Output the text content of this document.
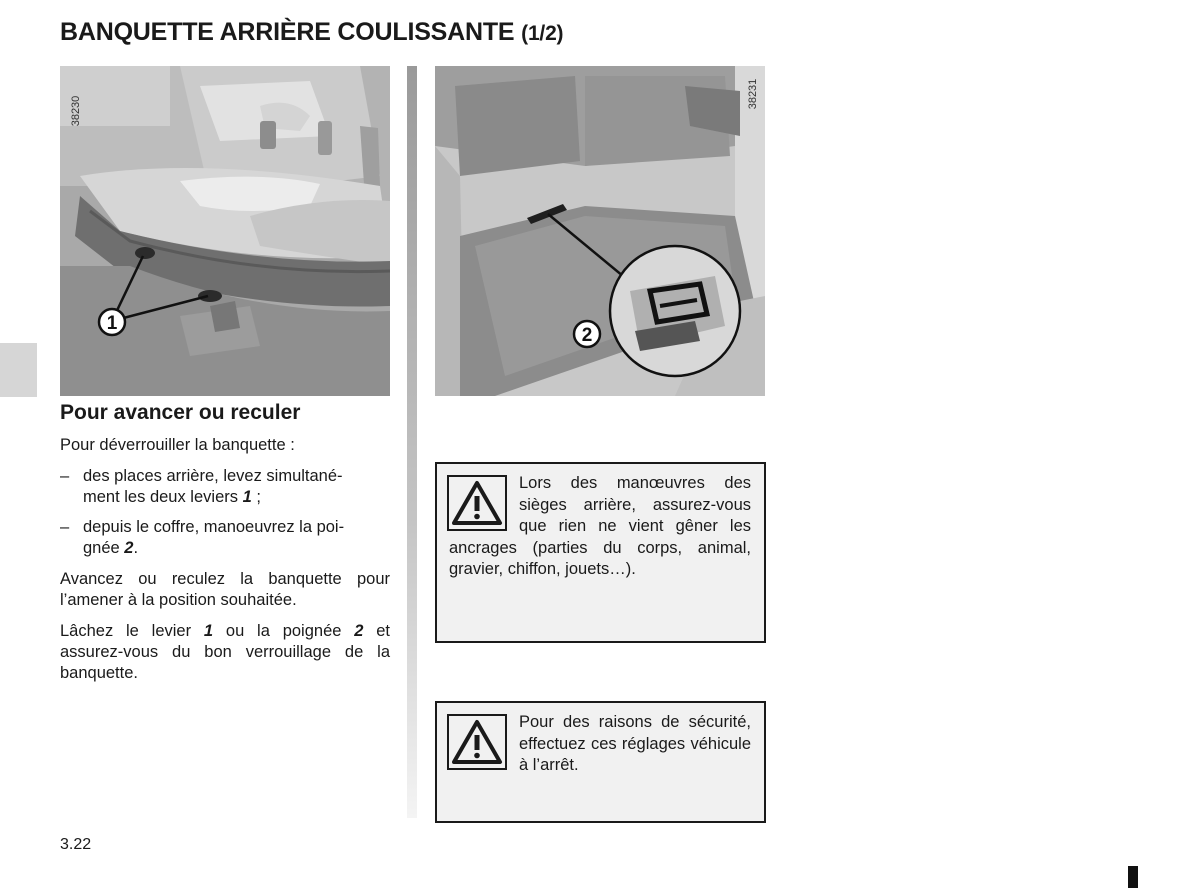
BANQUETTE ARRIÈRE COULISSANTE (1/2)
1
38230
2
38231
Pour avancer ou reculer
Pour déverrouiller la banquette :
– des places arrière, levez simultané-
ment les deux leviers 1 ;
– depuis le coffre, manoeuvrez la poi-
gnée 2.
Avancez ou reculez la banquette pour l’amener à la position souhaitée.
Lâchez le levier 1 ou la poignée 2 et assurez-vous du bon verrouillage de la banquette.
Lors des manœuvres des sièges arrière, assurez-vous que rien ne vient gêner les ancrages (parties du corps, animal, gravier, chiffon, jouets…).
Pour des raisons de sécurité, effectuez ces réglages véhicule à l’arrêt.
3.22
